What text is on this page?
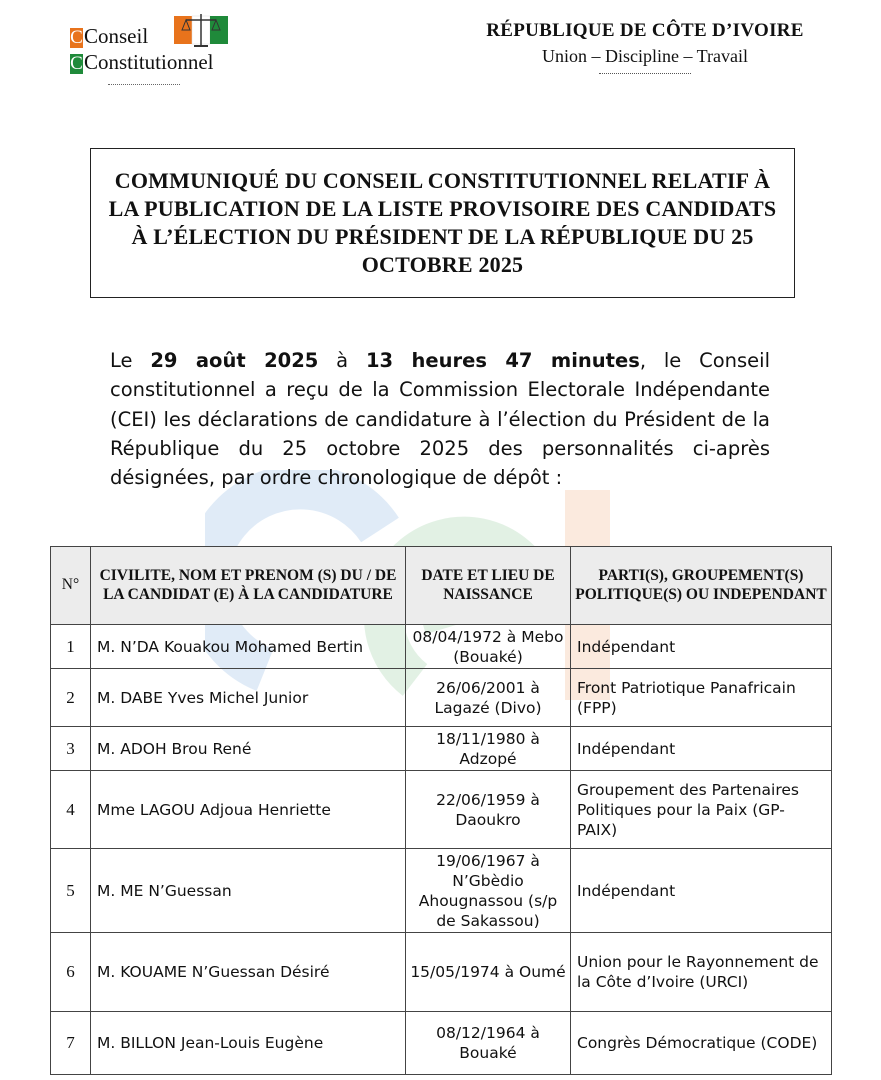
CConseil
CConstitutionnel
RÉPUBLIQUE DE CÔTE D’IVOIRE
Union – Discipline – Travail
COMMUNIQUÉ DU CONSEIL CONSTITUTIONNEL RELATIF À LA PUBLICATION DE LA LISTE PROVISOIRE DES CANDIDATS À L’ÉLECTION DU PRÉSIDENT DE LA RÉPUBLIQUE DU 25 OCTOBRE 2025
Le 29 août 2025 à 13 heures 47 minutes, le Conseil constitutionnel a reçu de la Commission Electorale Indépendante (CEI) les déclarations de candidature à l’élection du Président de la République du 25 octobre 2025 des personnalités ci-après désignées, par ordre chronologique de dépôt :
N°	CIVILITE, NOM ET PRENOM (S) DU / DE LA CANDIDAT (E) À LA CANDIDATURE	DATE ET LIEU DE NAISSANCE	PARTI(S), GROUPEMENT(S) POLITIQUE(S) OU INDEPENDANT
1	M. N’DA Kouakou Mohamed Bertin	08/04/1972 à Mebo (Bouaké)	Indépendant
2	M. DABE Yves Michel Junior	26/06/2001 à Lagazé (Divo)	Front Patriotique Panafricain (FPP)
3	M. ADOH Brou René	18/11/1980 à Adzopé	Indépendant
4	Mme LAGOU Adjoua Henriette	22/06/1959 à Daoukro	Groupement des Partenaires Politiques pour la Paix (GP-PAIX)
5	M. ME N’Guessan	19/06/1967 à N’Gbèdio Ahougnassou (s/p de Sakassou)	Indépendant
6	M. KOUAME N’Guessan Désiré	15/05/1974 à Oumé	Union pour le Rayonnement de la Côte d’Ivoire (URCI)
7	M. BILLON Jean-Louis Eugène	08/12/1964 à Bouaké	Congrès Démocratique (CODE)
